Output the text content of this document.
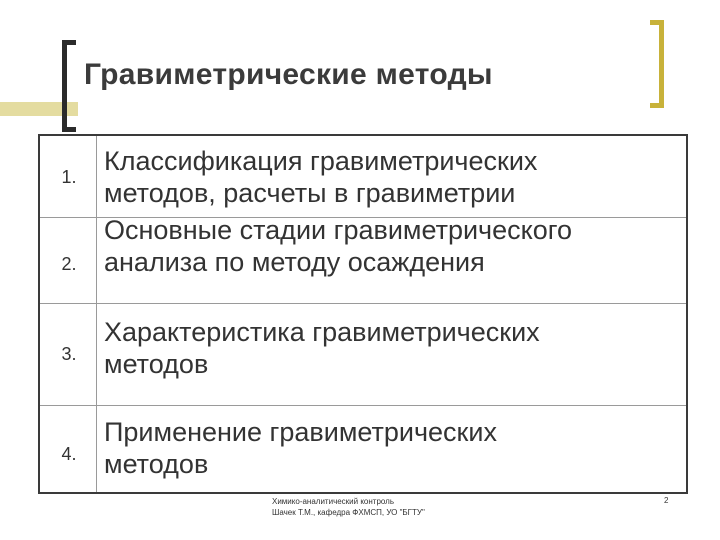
Гравиметрические методы
1.
Классификация гравиметрических
методов, расчеты в гравиметрии
2.
Основные стадии гравиметрического
анализа по методу осаждения
3.
Характеристика гравиметрических
методов
4.
Применение гравиметрических
методов
Химико-аналитический контроль
Шачек Т.М., кафедра ФХМСП, УО "БГТУ"
2
